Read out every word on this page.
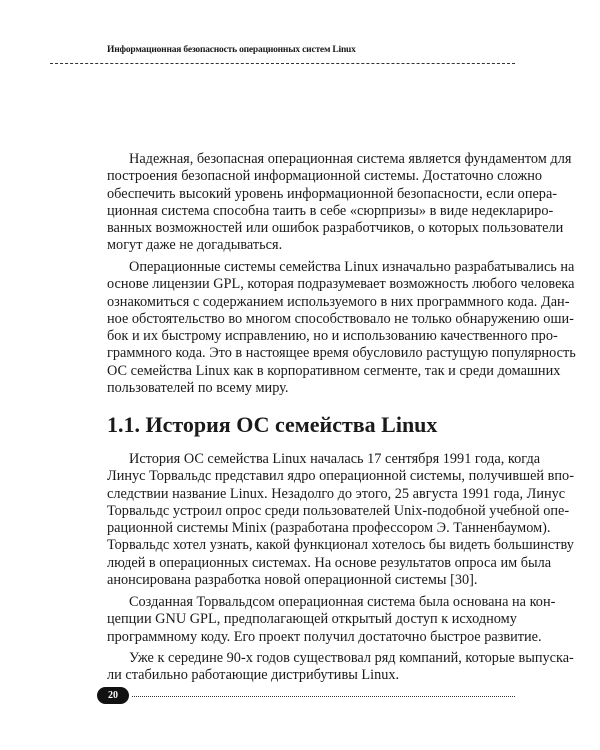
Информационная безопасность операционных систем Linux
Надежная, безопасная операционная система является фундаментом для
построения безопасной информационной системы. Достаточно сложно
обеспечить высокий уровень информационной безопасности, если опера-
ционная система способна таить в себе «сюрпризы» в виде недеклариро-
ванных возможностей или ошибок разработчиков, о которых пользователи
могут даже не догадываться.
Операционные системы семейства Linux изначально разрабатывались на
основе лицензии GPL, которая подразумевает возможность любого человека
ознакомиться с содержанием используемого в них программного кода. Дан-
ное обстоятельство во многом способствовало не только обнаружению оши-
бок и их быстрому исправлению, но и использованию качественного про-
граммного кода. Это в настоящее время обусловило растущую популярность
ОС семейства Linux как в корпоративном сегменте, так и среди домашних
пользователей по всему миру.
1.1. История ОС семейства Linux
История ОС семейства Linux началась 17 сентября 1991 года, когда
Линус Торвальдс представил ядро операционной системы, получившей впо-
следствии название Linux. Незадолго до этого, 25 августа 1991 года, Линус
Торвальдс устроил опрос среди пользователей Unix-подобной учебной опе-
рационной системы Minix (разработана профессором Э. Танненбаумом).
Торвальдс хотел узнать, какой функционал хотелось бы видеть большинству
людей в операционных системах. На основе результатов опроса им была
анонсирована разработка новой операционной системы [30].
Созданная Торвальдсом операционная система была основана на кон-
цепции GNU GPL, предполагающей открытый доступ к исходному
программному коду. Его проект получил достаточно быстрое развитие.
Уже к середине 90-х годов существовал ряд компаний, которые выпуска-
ли стабильно работающие дистрибутивы Linux.
20
